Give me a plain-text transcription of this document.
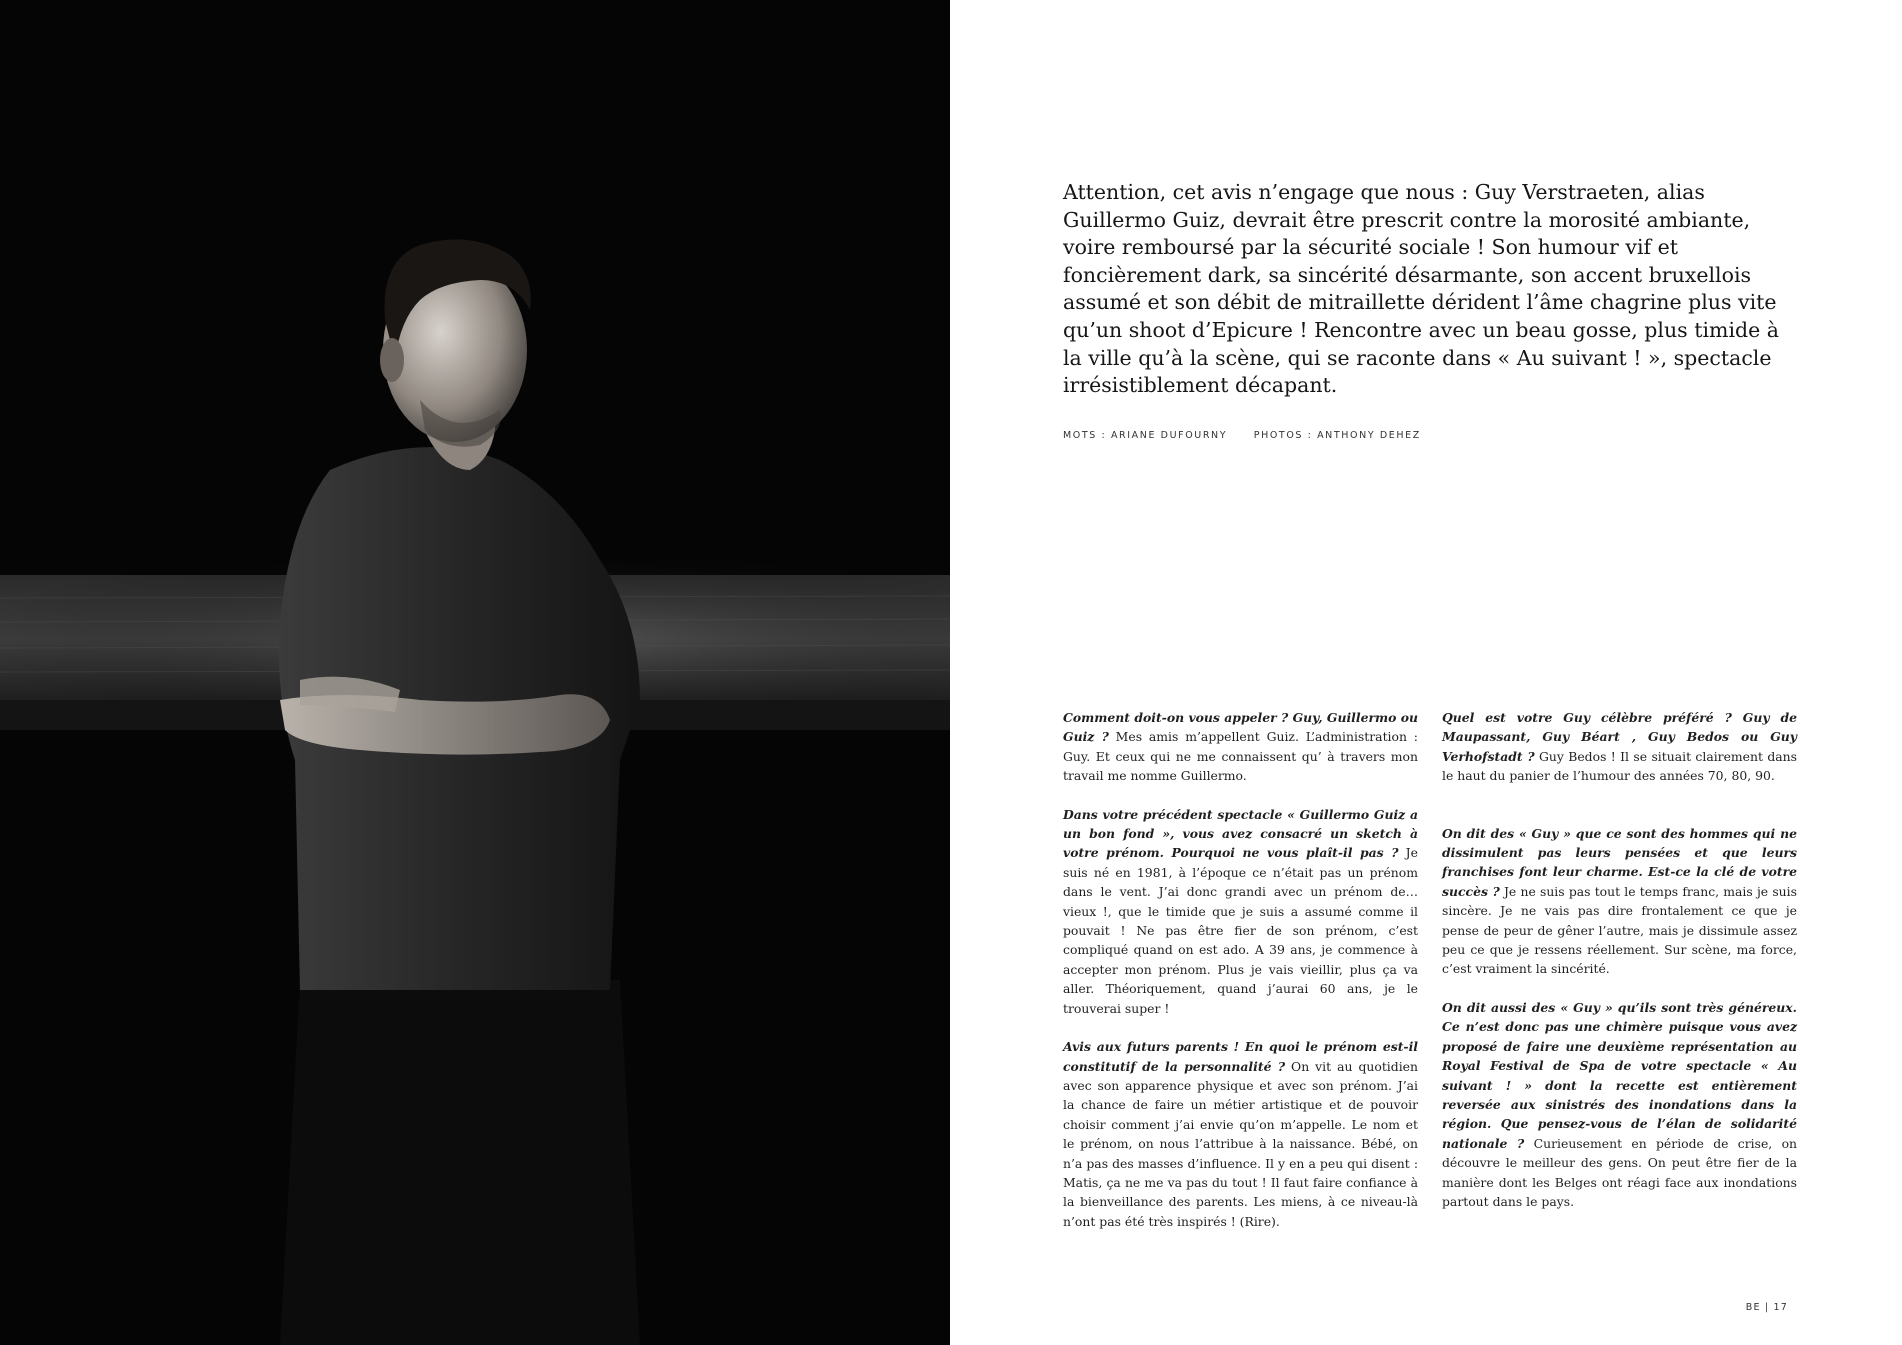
Attention, cet avis n’engage que nous : Guy Verstraeten, alias Guillermo Guiz, devrait être prescrit contre la morosité ambiante, voire remboursé par la sécurité sociale ! Son humour vif et foncièrement dark, sa sincérité désarmante, son accent bruxellois assumé et son débit de mitraillette dérident l’âme chagrine plus vite qu’un shoot d’Epicure ! Rencontre avec un beau gosse, plus timide à la ville qu’à la scène, qui se raconte dans « Au suivant ! », spectacle irrésistiblement décapant.

MOTS : ARIANE DUFOURNY	PHOTOS : ANTHONY DEHEZ

Comment doit-on vous appeler ? Guy, Guillermo ou Guiz ? Mes amis m’appellent Guiz. L’administration : Guy. Et ceux qui ne me connaissent qu’ à travers mon travail me nomme Guillermo.

Dans votre précédent spectacle « Guillermo Guiz a un bon fond », vous avez consacré un sketch à votre prénom. Pourquoi ne vous plaît-il pas ? Je suis né en 1981, à l’époque ce n’était pas un prénom dans le vent. J’ai donc grandi avec un prénom de… vieux !, que le timide que je suis a assumé comme il pouvait ! Ne pas être fier de son prénom, c’est compliqué quand on est ado. A 39 ans, je commence à accepter mon prénom. Plus je vais vieillir, plus ça va aller. Théoriquement, quand j’aurai 60 ans, je le trouverai super !

Avis aux futurs parents ! En quoi le prénom est-il constitutif de la personnalité ? On vit au quotidien avec son apparence physique et avec son prénom. J’ai la chance de faire un métier artistique et de pouvoir choisir comment j’ai envie qu’on m’appelle. Le nom et le prénom, on nous l’attribue à la naissance. Bébé, on n’a pas des masses d’influence. Il y en a peu qui disent : Matis, ça ne me va pas du tout ! Il faut faire confiance à la bienveillance des parents. Les miens, à ce niveau-là n’ont pas été très inspirés ! (Rire).

Quel est votre Guy célèbre préféré ? Guy de Maupassant, Guy Béart , Guy Bedos ou Guy Verhofstadt ? Guy Bedos ! Il se situait clairement dans le haut du panier de l’humour des années 70, 80, 90.

On dit des « Guy » que ce sont des hommes qui ne dissimulent pas leurs pensées et que leurs franchises font leur charme. Est-ce la clé de votre succès ? Je ne suis pas tout le temps franc, mais je suis sincère. Je ne vais pas dire frontalement ce que je pense de peur de gêner l’autre, mais je dissimule assez peu ce que je ressens réellement. Sur scène, ma force, c’est vraiment la sincérité.

On dit aussi des « Guy » qu’ils sont très généreux. Ce n’est donc pas une chimère puisque vous avez proposé de faire une deuxième représentation au Royal Festival de Spa de votre spectacle « Au suivant ! » dont la recette est entièrement reversée aux sinistrés des inondations dans la région. Que pensez-vous de l’élan de solidarité nationale ? Curieusement en période de crise, on découvre le meilleur des gens. On peut être fier de la manière dont les Belges ont réagi face aux inondations partout dans le pays.

BE | 17
